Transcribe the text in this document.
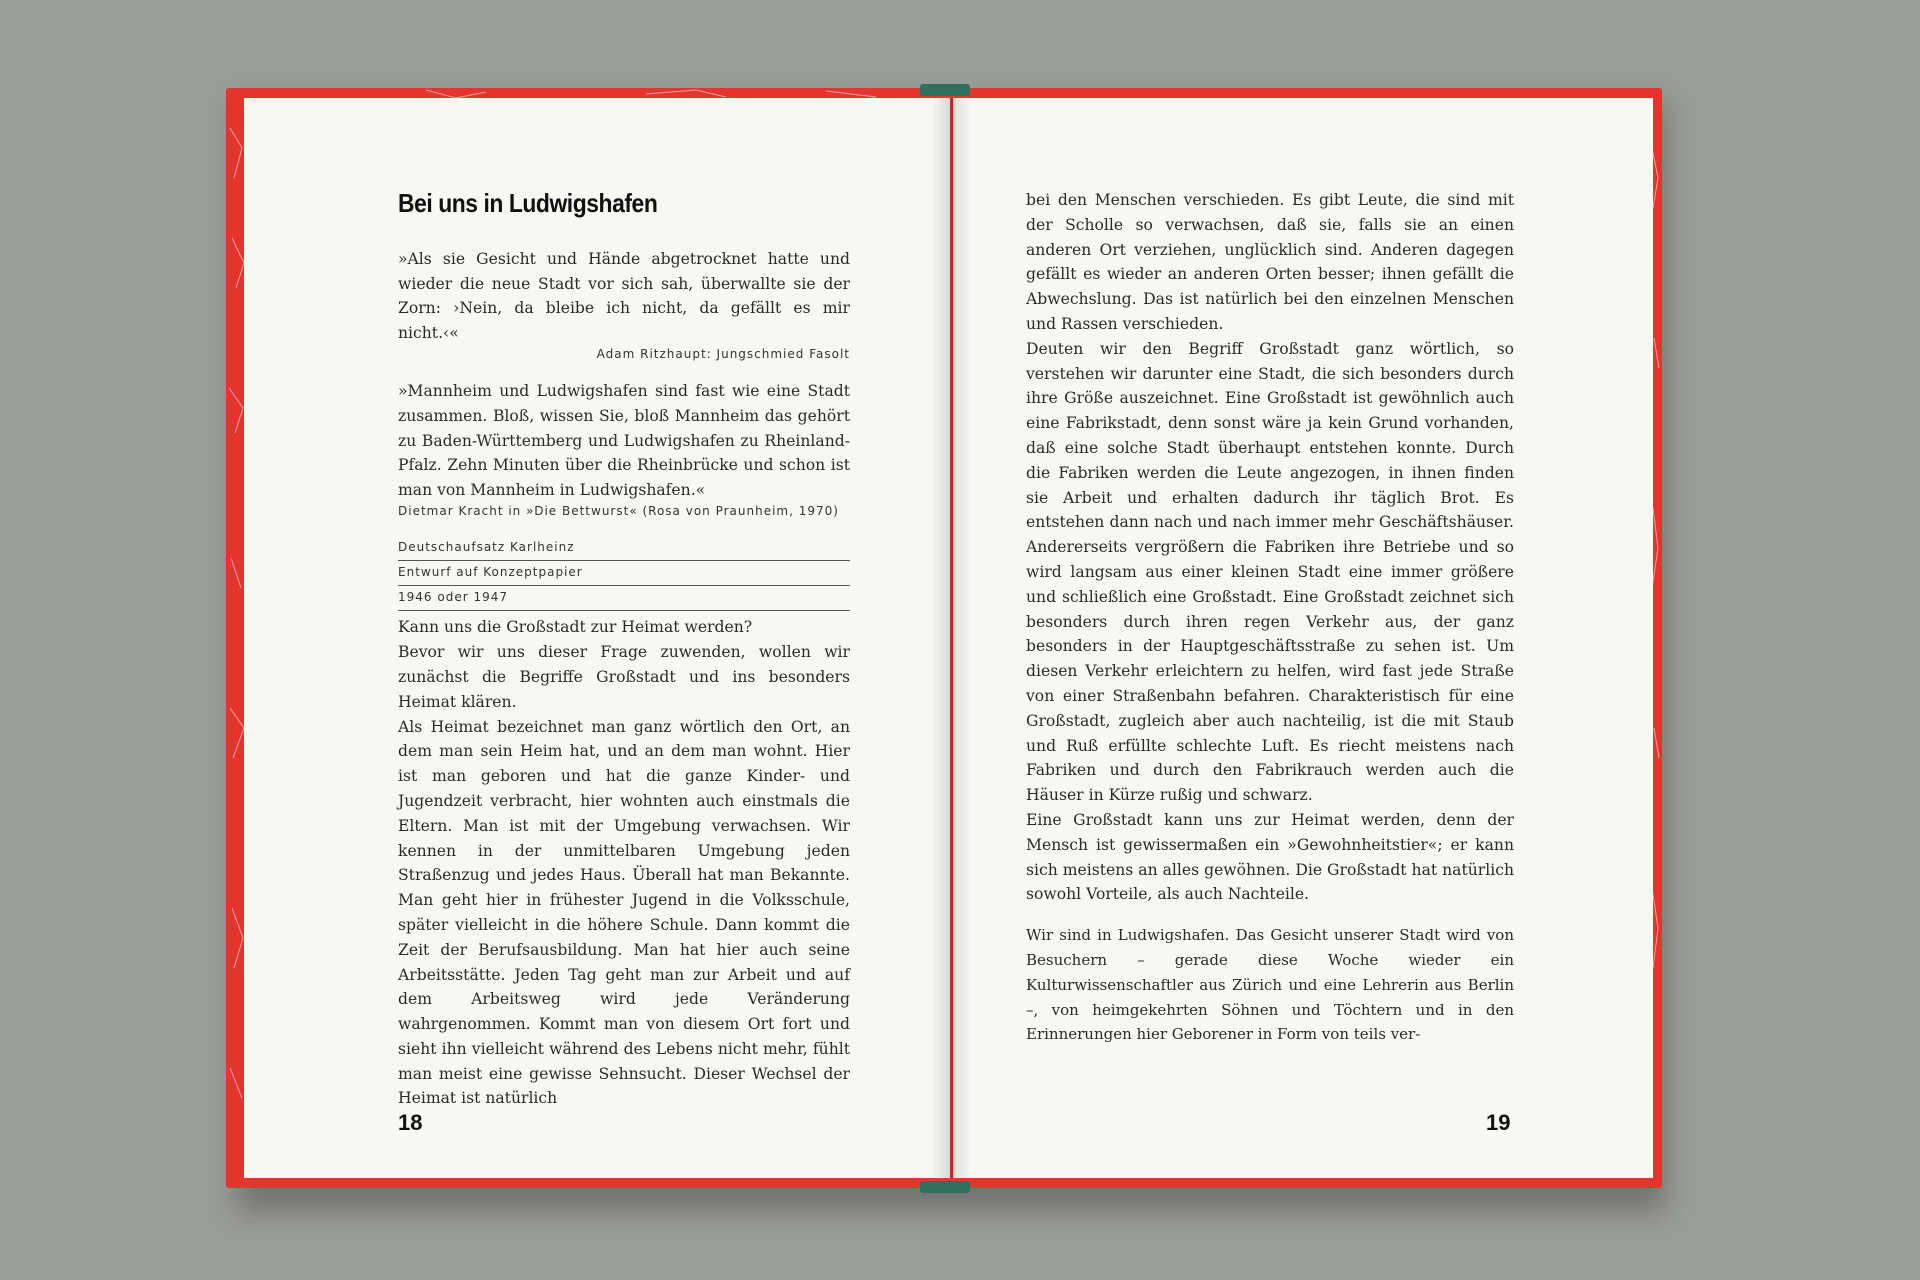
Bei uns in Ludwigshafen

»Als sie Gesicht und Hände abgetrocknet hatte und wieder die neue Stadt vor sich sah, überwallte sie der Zorn: ›Nein, da bleibe ich nicht, da gefällt es mir nicht.‹«

Adam Ritzhaupt: Jungschmied Fasolt

»Mannheim und Ludwigshafen sind fast wie eine Stadt zusammen. Bloß, wissen Sie, bloß Mannheim das gehört zu Baden-Württemberg und Ludwigshafen zu Rheinland-Pfalz. Zehn Minuten über die Rheinbrücke und schon ist man von Mannheim in Ludwigshafen.«

Dietmar Kracht in »Die Bettwurst« (Rosa von Praunheim, 1970)
Deutschaufsatz Karlheinz
Entwurf auf Konzeptpapier
1946 oder 1947

Kann uns die Großstadt zur Heimat werden?

Bevor wir uns dieser Frage zuwenden, wollen wir zunächst die Begriffe Großstadt und ins besonders Heimat klären.

Als Heimat bezeichnet man ganz wörtlich den Ort, an dem man sein Heim hat, und an dem man wohnt. Hier ist man geboren und hat die ganze Kinder- und Jugendzeit verbracht, hier wohnten auch einstmals die Eltern. Man ist mit der Umgebung verwachsen. Wir kennen in der unmittelbaren Umgebung jeden Straßenzug und jedes Haus. Überall hat man Bekannte. Man geht hier in frühester Jugend in die Volksschule, später vielleicht in die höhere Schule. Dann kommt die Zeit der Berufsausbildung. Man hat hier auch seine Arbeitsstätte. Jeden Tag geht man zur Arbeit und auf dem Arbeitsweg wird jede Veränderung wahrgenommen. Kommt man von diesem Ort fort und sieht ihn vielleicht während des Lebens nicht mehr, fühlt man meist eine gewisse Sehnsucht. Dieser Wechsel der Heimat ist natürlich

18

bei den Menschen verschieden. Es gibt Leute, die sind mit der Scholle so verwachsen, daß sie, falls sie an einen anderen Ort verziehen, unglücklich sind. Anderen dagegen gefällt es wieder an anderen Orten besser; ihnen gefällt die Abwechslung. Das ist natürlich bei den einzelnen Menschen und Rassen verschieden.

Deuten wir den Begriff Großstadt ganz wörtlich, so verstehen wir darunter eine Stadt, die sich besonders durch ihre Größe auszeichnet. Eine Großstadt ist gewöhnlich auch eine Fabrikstadt, denn sonst wäre ja kein Grund vorhanden, daß eine solche Stadt überhaupt entstehen konnte. Durch die Fabriken werden die Leute angezogen, in ihnen finden sie Arbeit und erhalten dadurch ihr täglich Brot. Es entstehen dann nach und nach immer mehr Geschäftshäuser. Andererseits vergrößern die Fabriken ihre Betriebe und so wird langsam aus einer kleinen Stadt eine immer größere und schließlich eine Großstadt. Eine Großstadt zeichnet sich besonders durch ihren regen Verkehr aus, der ganz besonders in der Hauptgeschäftsstraße zu sehen ist. Um diesen Verkehr erleichtern zu helfen, wird fast jede Straße von einer Straßenbahn befahren. Charakteristisch für eine Großstadt, zugleich aber auch nachteilig, ist die mit Staub und Ruß erfüllte schlechte Luft. Es riecht meistens nach Fabriken und durch den Fabrikrauch werden auch die Häuser in Kürze rußig und schwarz.

Eine Großstadt kann uns zur Heimat werden, denn der Mensch ist gewissermaßen ein »Gewohnheitstier«; er kann sich meistens an alles gewöhnen. Die Großstadt hat natürlich sowohl Vorteile, als auch Nachteile.

Wir sind in Ludwigshafen. Das Gesicht unserer Stadt wird von Besuchern – gerade diese Woche wieder ein Kulturwissenschaftler aus Zürich und eine Lehrerin aus Berlin –, von heimgekehrten Söhnen und Töchtern und in den Erinnerungen hier Geborener in Form von teils ver-

19
